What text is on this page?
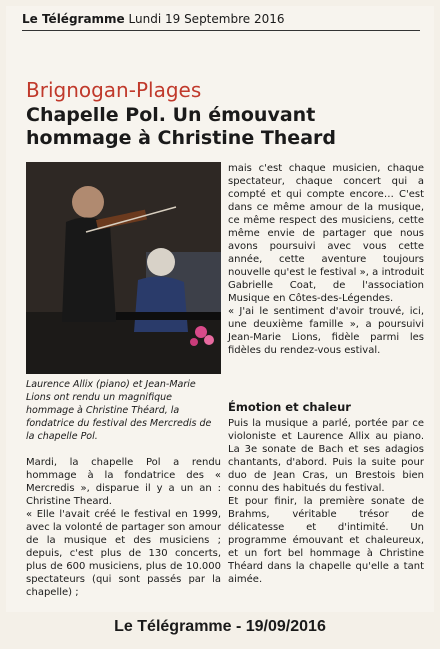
Le Télégramme Lundi 19 Septembre 2016
Brignogan-Plages
Chapelle Pol. Un émouvant hommage à Christine Theard
Laurence Allix (piano) et Jean-Marie Lions ont rendu un magnifique hommage à Christine Théard, la fondatrice du festival des Mercredis de la chapelle Pol.

Mardi, la chapelle Pol a rendu hommage à la fondatrice des « Mercredis », disparue il y a un an : Christine Theard.

« Elle l'avait créé le festival en 1999, avec la volonté de partager son amour de la musique et des musiciens ; depuis, c'est plus de 130 concerts, plus de 600 musiciens, plus de 10.000 spectateurs (qui sont passés par la chapelle) ;

mais c'est chaque musicien, chaque spectateur, chaque concert qui a compté et qui compte encore… C'est dans ce même amour de la musique, ce même respect des musiciens, cette même envie de partager que nous avons poursuivi avec vous cette année, cette aventure toujours nouvelle qu'est le festival », a introduit Gabrielle Coat, de l'association Musique en Côtes-des-Légendes.

« J'ai le sentiment d'avoir trouvé, ici, une deuxième famille », a poursuivi Jean-Marie Lions, fidèle parmi les fidèles du rendez-vous estival.

Émotion et chaleur

Puis la musique a parlé, portée par ce violoniste et Laurence Allix au piano. La 3e sonate de Bach et ses adagios chantants, d'abord. Puis la suite pour duo de Jean Cras, un Brestois bien connu des habitués du festival.

Et pour finir, la première sonate de Brahms, véritable trésor de délicatesse et d'intimité. Un programme émouvant et chaleureux, et un fort bel hommage à Christine Théard dans la chapelle qu'elle a tant aimée.

Le Télégramme - 19/09/2016
